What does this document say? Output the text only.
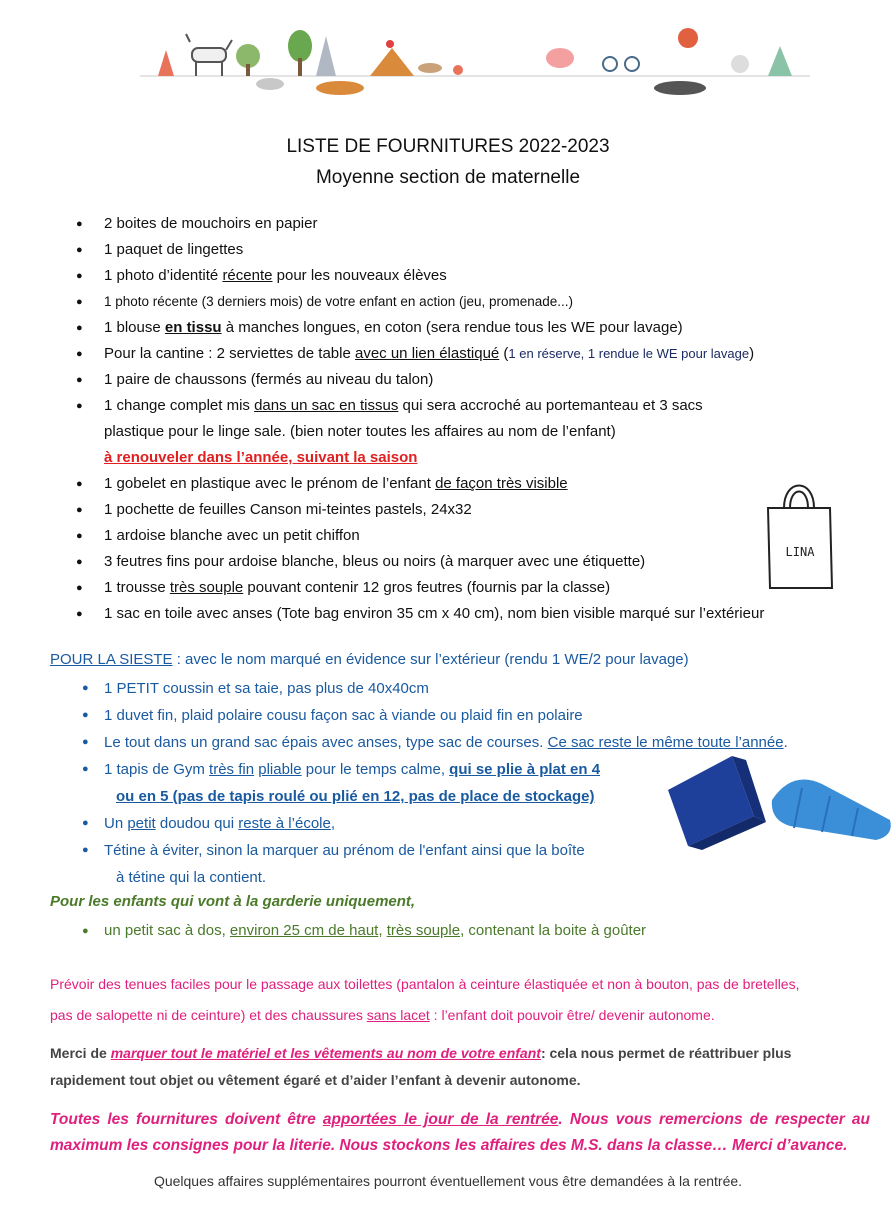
LISTE DE FOURNITURES 2022-2023
Moyenne section de maternelle
● 2 boites de mouchoirs en papier
● 1 paquet de lingettes
● 1 photo d’identité récente pour les nouveaux élèves
● 1 photo récente (3 derniers mois) de votre enfant en action (jeu, promenade...)
● 1 blouse en tissu à manches longues, en coton (sera rendue tous les WE pour lavage)
● Pour la cantine : 2 serviettes de table avec un lien élastiqué (1 en réserve, 1 rendue le WE pour lavage)
● 1 paire de chaussons (fermés au niveau du talon)
● 1 change complet mis dans un sac en tissus qui sera accroché au portemanteau et 3 sacs
plastique pour le linge sale. (bien noter toutes les affaires au nom de l’enfant)
à renouveler dans l’année, suivant la saison
● 1 gobelet en plastique avec le prénom de l’enfant de façon très visible
● 1 pochette de feuilles Canson mi-teintes pastels, 24x32
● 1 ardoise blanche avec un petit chiffon
● 3 feutres fins pour ardoise blanche, bleus ou noirs (à marquer avec une étiquette)
● 1 trousse très souple pouvant contenir 12 gros feutres (fournis par la classe)
● 1 sac en toile avec anses (Tote bag environ 35 cm x 40 cm), nom bien visible marqué sur l’extérieur
LINA
POUR LA SIESTE : avec le nom marqué en évidence sur l’extérieur (rendu 1 WE/2 pour lavage)
● 1 PETIT coussin et sa taie, pas plus de 40x40cm
● 1 duvet fin, plaid polaire cousu façon sac à viande ou plaid fin en polaire
● Le tout dans un grand sac épais avec anses, type sac de courses. Ce sac reste le même toute l’année.
● 1 tapis de Gym très fin pliable pour le temps calme, qui se plie à plat en 4
ou en 5 (pas de tapis roulé ou plié en 12, pas de place de stockage)
● Un petit doudou qui reste à l’école,
● Tétine à éviter, sinon la marquer au prénom de l'enfant ainsi que la boîte
à tétine qui la contient.
Pour les enfants qui vont à la garderie uniquement,
● un petit sac à dos, environ 25 cm de haut, très souple, contenant la boite à goûter
Prévoir des tenues faciles pour le passage aux toilettes (pantalon à ceinture élastiquée et non à bouton, pas de bretelles,
pas de salopette ni de ceinture) et des chaussures sans lacet : l’enfant doit pouvoir être/ devenir autonome.
Merci de marquer tout le matériel et les vêtements au nom de votre enfant: cela nous permet de réattribuer plus rapidement tout objet ou vêtement égaré et d’aider l’enfant à devenir autonome.
Toutes les fournitures doivent être apportées le jour de la rentrée. Nous vous remercions de respecter au maximum les consignes pour la literie. Nous stockons les affaires des M.S. dans la classe… Merci d’avance.
Quelques affaires supplémentaires pourront éventuellement vous être demandées à la rentrée.
